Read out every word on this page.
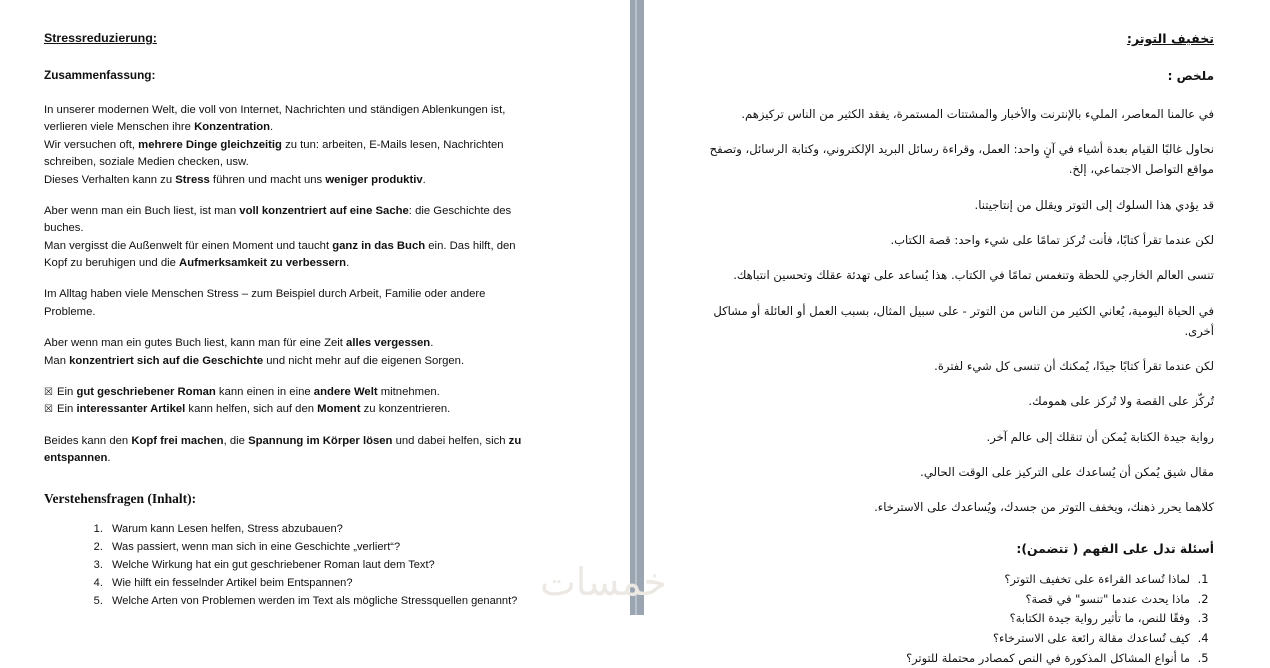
Stressreduzierung:
Zusammenfassung:
In unserer modernen Welt, die voll von Internet, Nachrichten und ständigen Ablenkungen ist,
verlieren viele Menschen ihre Konzentration.
Wir versuchen oft, mehrere Dinge gleichzeitig zu tun: arbeiten, E-Mails lesen, Nachrichten
schreiben, soziale Medien checken, usw.
Dieses Verhalten kann zu Stress führen und macht uns weniger produktiv.
Aber wenn man ein Buch liest, ist man voll konzentriert auf eine Sache: die Geschichte des
buches.
Man vergisst die Außenwelt für einen Moment und taucht ganz in das Buch ein. Das hilft, den
Kopf zu beruhigen und die Aufmerksamkeit zu verbessern.
Im Alltag haben viele Menschen Stress – zum Beispiel durch Arbeit, Familie oder andere
Probleme.
Aber wenn man ein gutes Buch liest, kann man für eine Zeit alles vergessen.
Man konzentriert sich auf die Geschichte und nicht mehr auf die eigenen Sorgen.
☒ Ein gut geschriebener Roman kann einen in eine andere Welt mitnehmen.
☒ Ein interessanter Artikel kann helfen, sich auf den Moment zu konzentrieren.
Beides kann den Kopf frei machen, die Spannung im Körper lösen und dabei helfen, sich zu
entspannen.
Verstehensfragen (Inhalt):
1. Warum kann Lesen helfen, Stress abzubauen?
2. Was passiert, wenn man sich in eine Geschichte „verliert“?
3. Welche Wirkung hat ein gut geschriebener Roman laut dem Text?
4. Wie hilft ein fesselnder Artikel beim Entspannen?
5. Welche Arten von Problemen werden im Text als mögliche Stressquellen genannt?
تخفيف التوتر:
ملخص :
في عالمنا المعاصر، المليء بالإنترنت والأخبار والمشتتات المستمرة، يفقد الكثير من الناس تركيزهم.
نحاول غالبًا القيام بعدة أشياء في آنٍ واحد: العمل، وقراءة رسائل البريد الإلكتروني، وكتابة الرسائل، وتصفح مواقع التواصل الاجتماعي، إلخ.
قد يؤدي هذا السلوك إلى التوتر ويقلل من إنتاجيتنا.
لكن عندما تقرأ كتابًا، فأنت تُركز تمامًا على شيء واحد: قصة الكتاب.
تنسى العالم الخارجي للحظة وتنغمس تمامًا في الكتاب. هذا يُساعد على تهدئة عقلك وتحسين انتباهك.
في الحياة اليومية، يُعاني الكثير من الناس من التوتر - على سبيل المثال، بسبب العمل أو العائلة أو مشاكل أخرى.
لكن عندما تقرأ كتابًا جيدًا، يُمكنك أن تنسى كل شيء لفترة.
تُركّز على القصة ولا تُركز على همومك.
رواية جيدة الكتابة يُمكن أن تنقلك إلى عالم آخر.
مقال شيق يُمكن أن يُساعدك على التركيز على الوقت الحالي.
كلاهما يحرر ذهنك، ويخفف التوتر من جسدك، ويُساعدك على الاسترخاء.
أسئلة تدل على الفهم ( تتضمن):
1. لماذا تُساعد القراءة على تخفيف التوتر؟
2. ماذا يحدث عندما "تنسو" في قصة؟
3. وفقًا للنص، ما تأثير رواية جيدة الكتابة؟
4. كيف تُساعدك مقالة رائعة على الاسترخاء؟
5. ما أنواع المشاكل المذكورة في النص كمصادر محتملة للتوتر؟
خمسات
